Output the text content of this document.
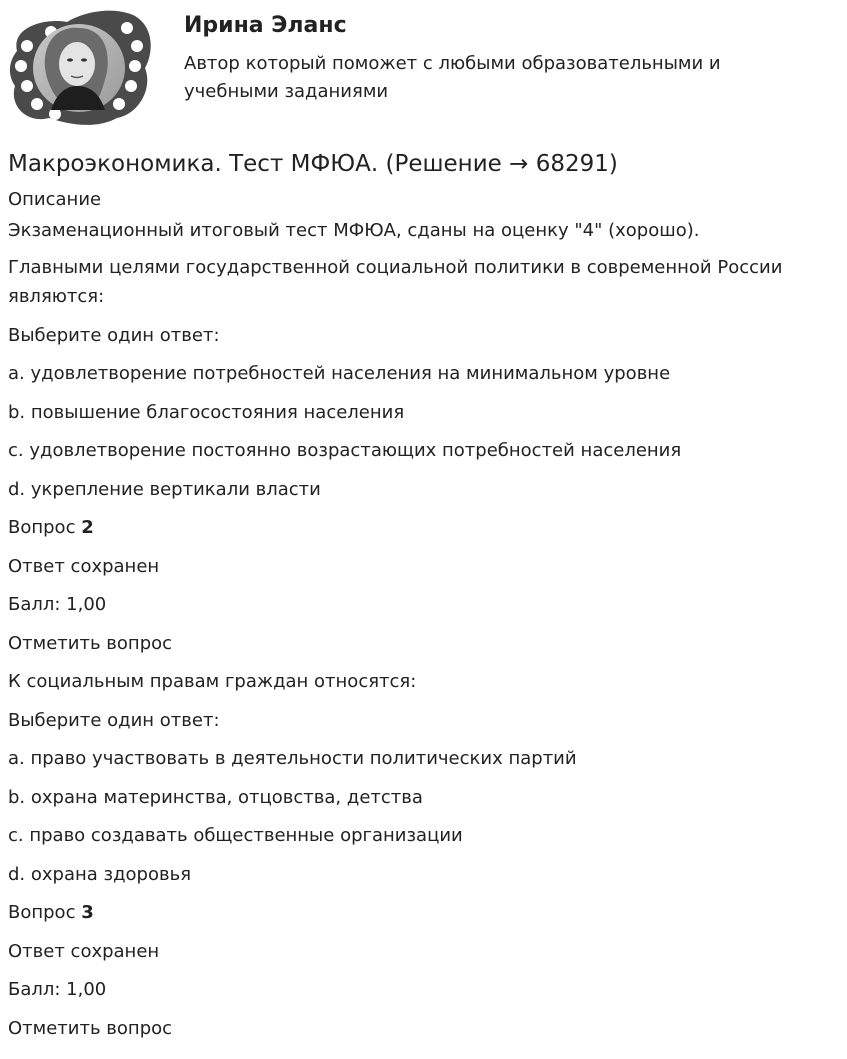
Ирина Эланс

Автор который поможет с любыми образовательными и учебными заданиями

Макроэкономика. Тест МФЮА. (Решение → 68291)

Описание

Экзаменационный итоговый тест МФЮА, сданы на оценку "4" (хорошо).

Главными целями государственной социальной политики в современной России являются:

Выберите один ответ:

a. удовлетворение потребностей населения на минимальном уровне

b. повышение благосостояния населения

c. удовлетворение постоянно возрастающих потребностей населения

d. укрепление вертикали власти

Вопрос 2

Ответ сохранен

Балл: 1,00

Отметить вопрос

К социальным правам граждан относятся:

Выберите один ответ:

a. право участвовать в деятельности политических партий

b. охрана материнства, отцовства, детства

c. право создавать общественные организации

d. охрана здоровья

Вопрос 3

Ответ сохранен

Балл: 1,00

Отметить вопрос
